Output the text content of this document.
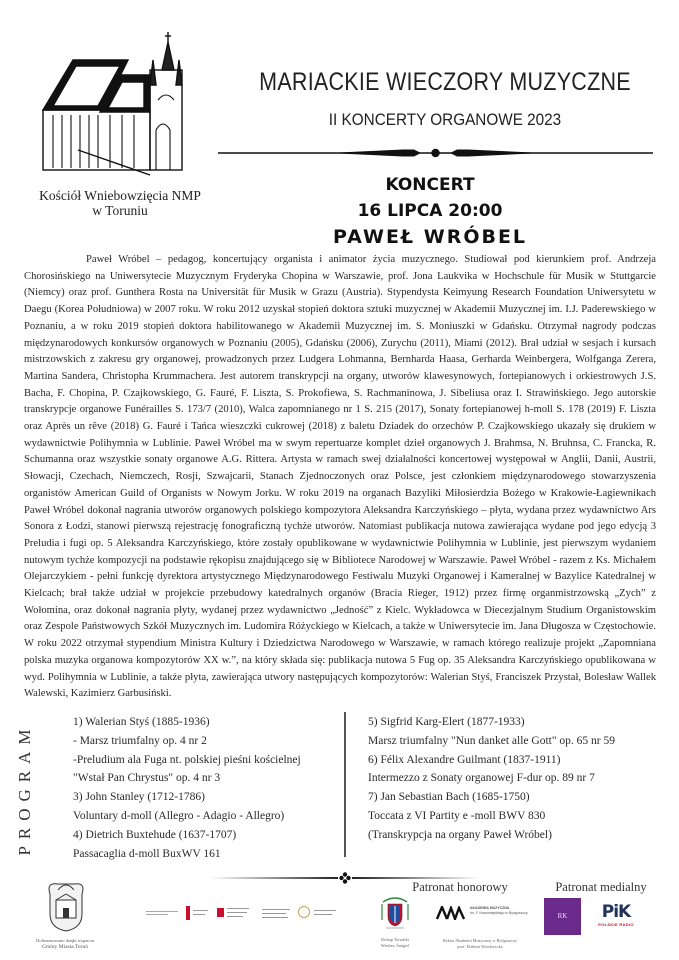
Kościół Wniebowzięcia NMP
w Toruniu
MARIACKIE WIECZORY MUZYCZNE
II KONCERTY ORGANOWE 2023
KONCERT
16 LIPCA 20:00
PAWEŁ WRÓBEL

Paweł Wróbel – pedagog, koncertujący organista i animator życia muzycznego. Studiował pod kierunkiem prof. Andrzeja Chorosińskiego na Uniwersytecie Muzycznym Fryderyka Chopina w Warszawie, prof. Jona Laukvika w Hochschule für Musik w Stuttgarcie (Niemcy) oraz prof. Gunthera Rosta na Universität für Musik w Grazu (Austria). Stypendysta Keimyung Research Foundation Uniwersytetu w Daegu (Korea Południowa) w 2007 roku. W roku 2012 uzyskał stopień doktora sztuki muzycznej w Akademii Muzycznej im. I.J. Paderewskiego w Poznaniu, a w roku 2019 stopień doktora habilitowanego w Akademii Muzycznej im. S. Moniuszki w Gdańsku. Otrzymał nagrody podczas międzynarodowych konkursów organowych w Poznaniu (2005), Gdańsku (2006), Zurychu (2011), Miami (2012). Brał udział w sesjach i kursach mistrzowskich z zakresu gry organowej, prowadzonych przez Ludgera Lohmanna, Bernharda Haasa, Gerharda Weinbergera, Wolfganga Zerera, Martina Sandera, Christopha Krummachera. Jest autorem transkrypcji na organy, utworów klawesynowych, fortepianowych i orkiestrowych J.S. Bacha, F. Chopina, P. Czajkowskiego, G. Fauré, F. Liszta, S. Prokofiewa, S. Rachmaninowa, J. Sibeliusa oraz I. Strawińskiego. Jego autorskie transkrypcje organowe Funérailles S. 173/7 (2010), Walca zapomnianego nr 1 S. 215 (2017), Sonaty fortepianowej h-moll S. 178 (2019) F. Liszta oraz Après un rêve (2018) G. Fauré i Tańca wieszczki cukrowej (2018) z baletu Dziadek do orzechów P. Czajkowskiego ukazały się drukiem w wydawnictwie Polihymnia w Lublinie. Paweł Wróbel ma w swym repertuarze komplet dzieł organowych J. Brahmsa, N. Bruhnsa, C. Francka, R. Schumanna oraz wszystkie sonaty organowe A.G. Rittera. Artysta w ramach swej działalności koncertowej występował w Anglii, Danii, Austrii, Słowacji, Czechach, Niemczech, Rosji, Szwajcarii, Stanach Zjednoczonych oraz Polsce, jest członkiem międzynarodowego stowarzyszenia organistów American Guild of Organists w Nowym Jorku. W roku 2019 na organach Bazyliki Miłosierdzia Bożego w Krakowie-Łagiewnikach Paweł Wróbel dokonał nagrania utworów organowych polskiego kompozytora Aleksandra Karczyńskiego – płyta, wydana przez wydawnictwo Ars Sonora z Łodzi, stanowi pierwszą rejestrację fonograficzną tychże utworów. Natomiast publikacja nutowa zawierająca wydane pod jego edycją 3 Preludia i fugi op. 5 Aleksandra Karczyńskiego, które zostały opublikowane w wydawnictwie Polihymnia w Lublinie, jest pierwszym wydaniem nutowym tychże kompozycji na podstawie rękopisu znajdującego się w Bibliotece Narodowej w Warszawie. Paweł Wróbel - razem z Ks. Michałem Olejarczykiem - pełni funkcję dyrektora artystycznego Międzynarodowego Festiwalu Muzyki Organowej i Kameralnej w Bazylice Katedralnej w Kielcach; brał także udział w projekcie przebudowy katedralnych organów (Bracia Rieger, 1912) przez firmę organmistrzowską „Zych” z Wołomina, oraz dokonał nagrania płyty, wydanej przez wydawnictwo „Jedność” z Kielc. Wykładowca w Diecezjalnym Studium Organistowskim oraz Zespole Państwowych Szkół Muzycznych im. Ludomira Różyckiego w Kielcach, a także w Uniwersytecie im. Jana Długosza w Częstochowie. W roku 2022 otrzymał stypendium Ministra Kultury i Dziedzictwa Narodowego w Warszawie, w ramach którego realizuje projekt „Zapomniana polska muzyka organowa kompozytorów XX w.”, na który składa się: publikacja nutowa 5 Fug op. 35 Aleksandra Karczyńskiego opublikowana w wyd. Polihymnia w Lublinie, a także płyta, zawierająca utwory następujących kompozytorów: Walerian Styś, Franciszek Przystał, Bolesław Wallek Walewski, Kazimierz Garbusiński.

PROGRAM
1) Walerian Styś (1885-1936)
- Marsz triumfalny op. 4 nr 2
-Preludium ala Fuga nt. polskiej pieśni kościelnej
"Wstał Pan Chrystus" op. 4 nr 3
3) John Stanley (1712-1786)
Voluntary d-moll (Allegro - Adagio - Allegro)
4) Dietrich Buxtehude (1637-1707)
Passacaglia d-moll BuxWV 161
5) Sigfrid Karg-Elert (1877-1933)
Marsz triumfalny "Nun danket alle Gott" op. 65 nr 59
6) Félix Alexandre Guilmant (1837-1911)
Intermezzo z Sonaty organowej F-dur op. 89 nr 7
7) Jan Sebastian Bach (1685-1750)
Toccata z VI Partity e -moll BWV 830
(Transkrypcja na organy Paweł Wróbel)
Patronat honorowy	Patronat medialny
Dofinansowano dzięki wsparciu
Gminy Miasta Toruń
Biskup Toruński
Wiesław Śmigiel
AKADEMIA MUZYCZNA
im. F. Nowowiejskiego w Bydgoszczy
Rektor Akademii Muzycznej w Bydgoszczy
prof. Elżbieta Wtorkowska
RK	PiK
POLSKIE RADIO
